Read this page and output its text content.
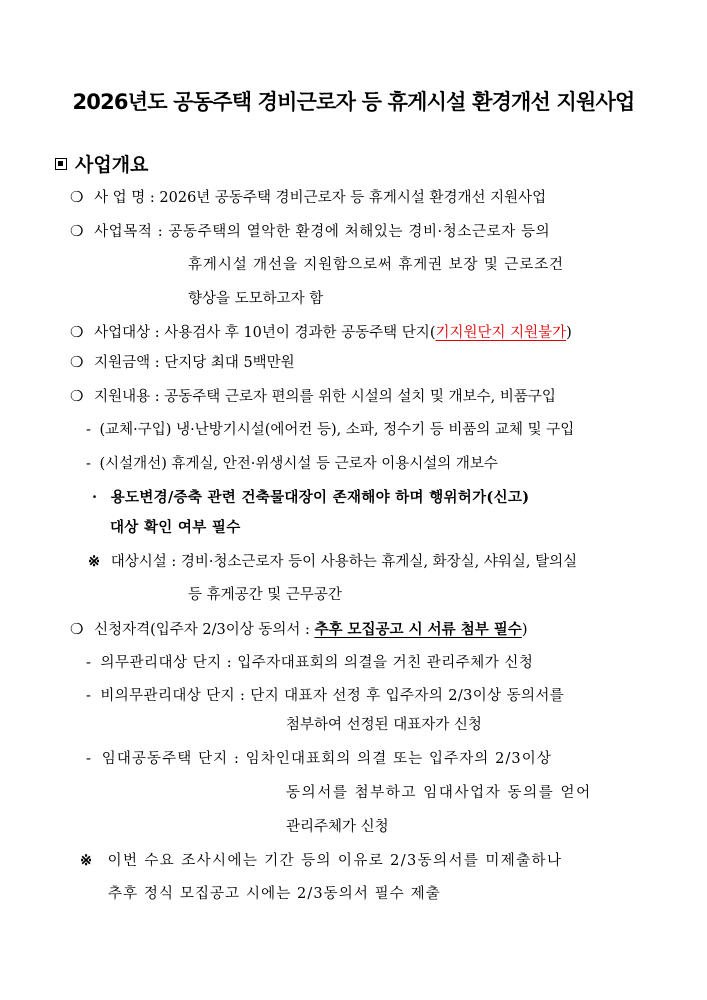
2026년도 공동주택 경비근로자 등 휴게시설 환경개선 지원사업
사업개요
❍ 사 업 명 : 2026년 공동주택 경비근로자 등 휴게시설 환경개선 지원사업
❍ 사업목적 : 공동주택의 열악한 환경에 처해있는 경비·청소근로자 등의
휴게시설 개선을 지원함으로써 휴게권 보장 및 근로조건
향상을 도모하고자 함
❍ 사업대상 : 사용검사 후 10년이 경과한 공동주택 단지(기지원단지 지원불가)
❍ 지원금액 : 단지당 최대 5백만원
❍ 지원내용 : 공동주택 근로자 편의를 위한 시설의 설치 및 개보수, 비품구입
- (교체·구입) 냉·난방기시설(에어컨 등), 소파, 정수기 등 비품의 교체 및 구입
- (시설개선) 휴게실, 안전·위생시설 등 근로자 이용시설의 개보수
· 용도변경/증축 관련 건축물대장이 존재해야 하며 행위허가(신고)
대상 확인 여부 필수
※ 대상시설 : 경비·청소근로자 등이 사용하는 휴게실, 화장실, 샤워실, 탈의실
등 휴게공간 및 근무공간
❍ 신청자격(입주자 2/3이상 동의서 : 추후 모집공고 시 서류 첨부 필수)
- 의무관리대상 단지 : 입주자대표회의 의결을 거친 관리주체가 신청
- 비의무관리대상 단지 : 단지 대표자 선정 후 입주자의 2/3이상 동의서를
첨부하여 선정된 대표자가 신청
- 임대공동주택 단지 : 임차인대표회의 의결 또는 입주자의 2/3이상
동의서를 첨부하고 임대사업자 동의를 얻어
관리주체가 신청
※ 이번 수요 조사시에는 기간 등의 이유로 2/3동의서를 미제출하나
추후 정식 모집공고 시에는 2/3동의서 필수 제출
